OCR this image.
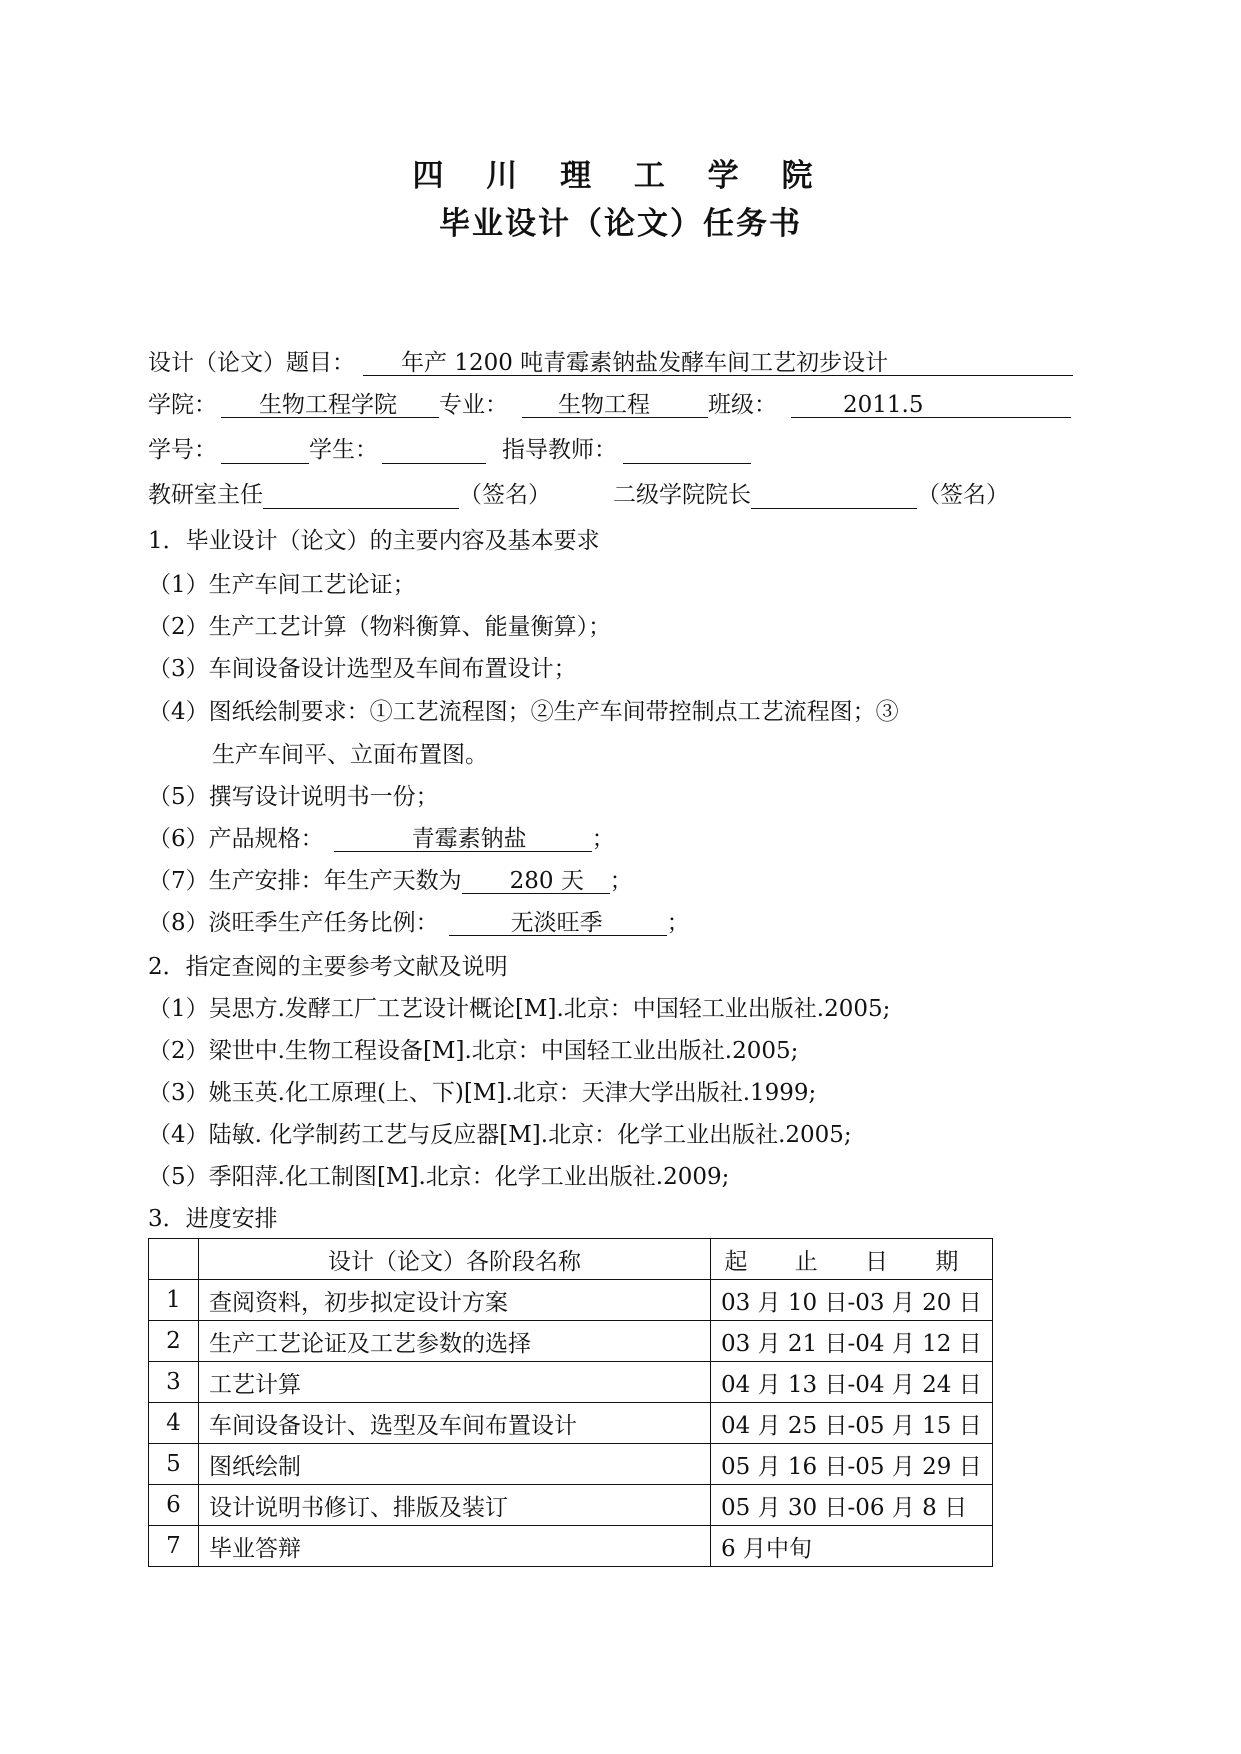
四 川 理 工 学 院
毕业设计（论文）任务书
设计（论文）题目： 年产 1200 吨青霉素钠盐发酵车间工艺初步设计
学院： 生物工程学院 专业： 生物工程	班级：	2011.5
学号：	学生：	指导教师：
教研室主任	（签名）	二级学院院长	（签名）
1．毕业设计（论文）的主要内容及基本要求
（1）生产车间工艺论证；
（2）生产工艺计算（物料衡算、能量衡算）；
（3）车间设备设计选型及车间布置设计；
（4）图纸绘制要求：①工艺流程图；②生产车间带控制点工艺流程图；③
生产车间平、立面布置图。
（5）撰写设计说明书一份；
（6）产品规格：	青霉素钠盐	；
（7）生产安排：年生产天数为 280 天 ；
（8）淡旺季生产任务比例：	无淡旺季	；
2．指定查阅的主要参考文献及说明
（1）吴思方.发酵工厂工艺设计概论[M].北京：中国轻工业出版社.2005;
（2）梁世中.生物工程设备[M].北京：中国轻工业出版社.2005;
（3）姚玉英.化工原理(上、下)[M].北京：天津大学出版社.1999;
（4）陆敏. 化学制药工艺与反应器[M].北京：化学工业出版社.2005;
（5）季阳萍.化工制图[M].北京：化学工业出版社.2009;
3．进度安排
	设计（论文）各阶段名称	起 止 日 期
1	查阅资料，初步拟定设计方案	03 月 10 日-03 月 20 日
2	生产工艺论证及工艺参数的选择	03 月 21 日-04 月 12 日
3	工艺计算	04 月 13 日-04 月 24 日
4	车间设备设计、选型及车间布置设计	04 月 25 日-05 月 15 日
5	图纸绘制	05 月 16 日-05 月 29 日
6	设计说明书修订、排版及装订	05 月 30 日-06 月 8 日
7	毕业答辩	6 月中旬
